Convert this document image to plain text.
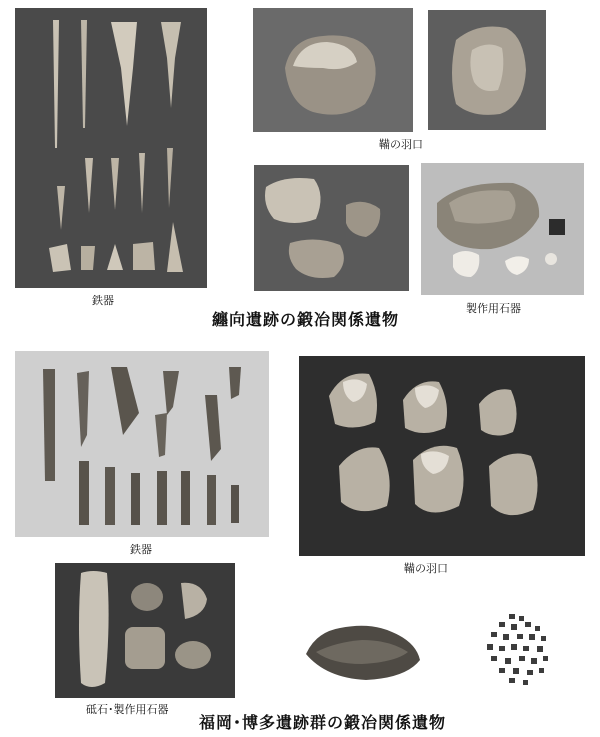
鉄器
鞴の羽口
製作用石器
纏向遺跡の鍛冶関係遺物
鉄器
鞴の羽口
砥石･製作用石器
福岡･博多遺跡群の鍛冶関係遺物
